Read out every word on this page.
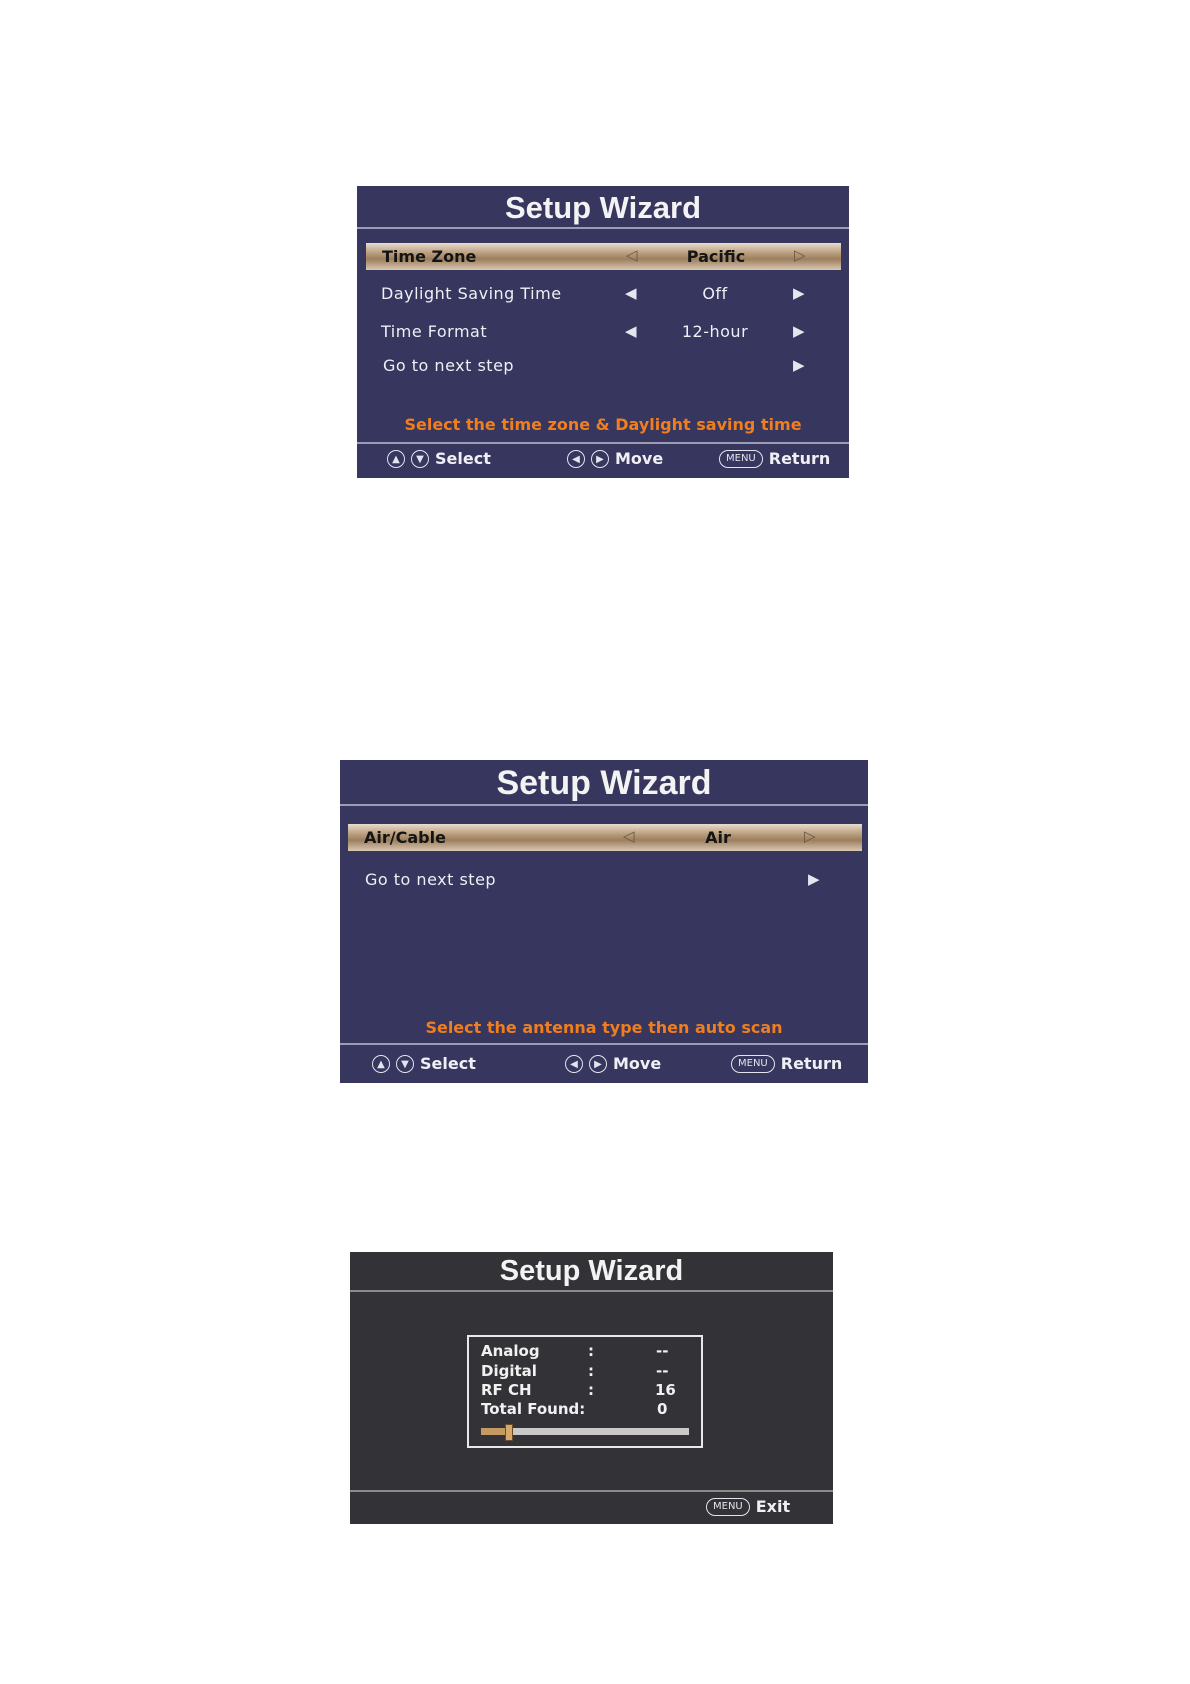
Setup Wizard
Time Zone	◁	Pacific	▷
Daylight Saving Time	◀	Off	▶
Time Format	◀	12-hour	▶
Go to next step	▶
Select the time zone & Daylight saving time
▲	▼ Select	◀	▶ Move	MENU Return
Setup Wizard
Air/Cable	◁	Air	▷
Go to next step	▶
Select the antenna type then auto scan
▲	▼ Select	◀	▶ Move	MENU Return
Setup Wizard
Analog	:	--
Digital	:	--
RF CH	:	16
Total Found:	0
MENU Exit
